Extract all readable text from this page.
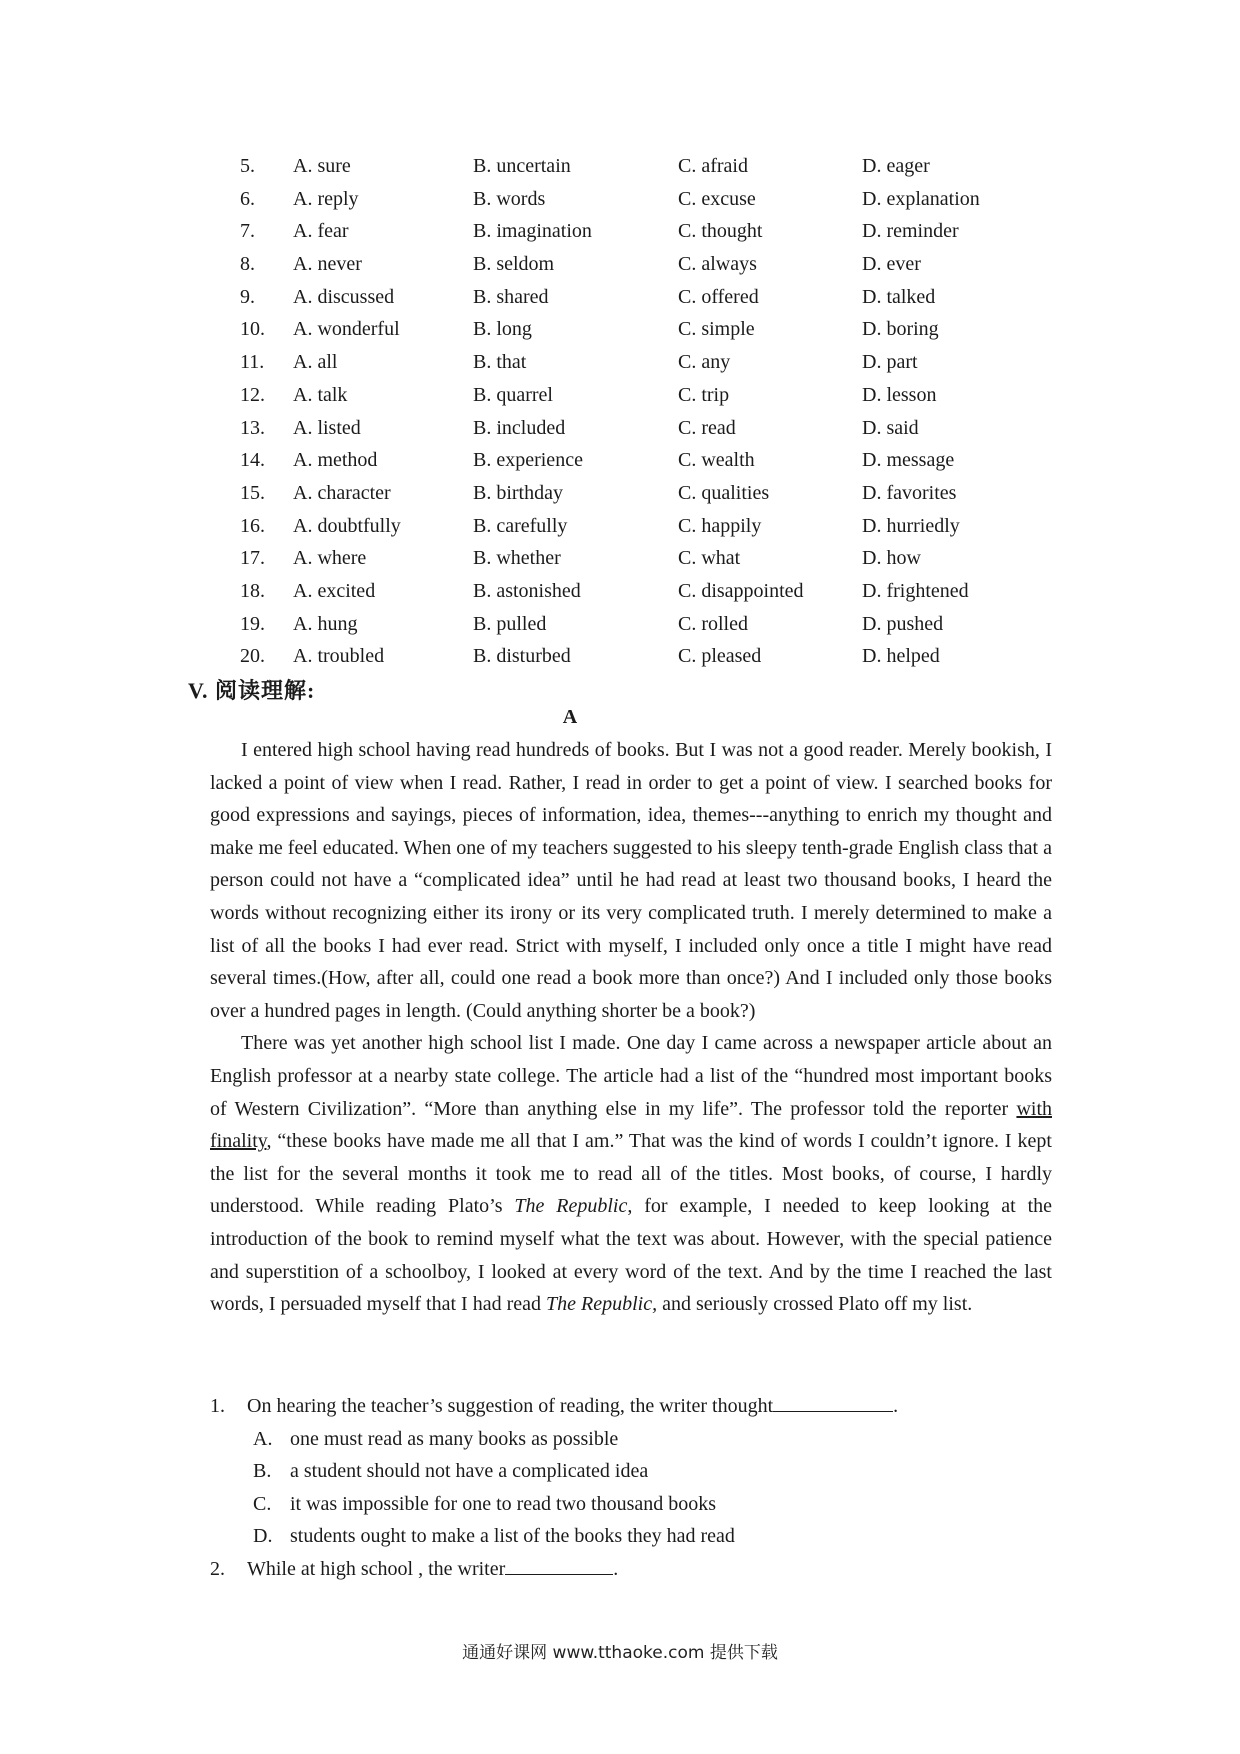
5. A. sure	B. uncertain	C. afraid	D. eager
6. A. reply	B. words	C. excuse	D. explanation
7. A. fear	B. imagination	C. thought	D. reminder
8. A. never	B. seldom	C. always	D. ever
9. A. discussed	B. shared	C. offered	D. talked
10. A. wonderful	B. long	C. simple	D. boring
11. A. all	B. that	C. any	D. part
12. A. talk	B. quarrel	C. trip	D. lesson
13. A. listed	B. included	C. read	D. said
14. A. method	B. experience	C. wealth	D. message
15. A. character	B. birthday	C. qualities	D. favorites
16. A. doubtfully	B. carefully	C. happily	D. hurriedly
17. A. where	B. whether	C. what	D. how
18. A. excited	B. astonished	C. disappointed	D. frightened
19. A. hung	B. pulled	C. rolled	D. pushed
20. A. troubled	B. disturbed	C. pleased	D. helped
V. 阅读理解:
A

I entered high school having read hundreds of books. But I was not a good reader. Merely bookish, I lacked a point of view when I read. Rather, I read in order to get a point of view. I searched books for good expressions and sayings, pieces of information, idea, themes---anything to enrich my thought and make me feel educated. When one of my teachers suggested to his sleepy tenth-grade English class that a person could not have a “complicated idea” until he had read at least two thousand books, I heard the words without recognizing either its irony or its very complicated truth. I merely determined to make a list of all the books I had ever read. Strict with myself, I included only once a title I might have read several times.(How, after all, could one read a book more than once?) And I included only those books over a hundred pages in length. (Could anything shorter be a book?)

There was yet another high school list I made. One day I came across a newspaper article about an English professor at a nearby state college. The article had a list of the “hundred most important books of Western Civilization”. “More than anything else in my life”. The professor told the reporter with finality, “these books have made me all that I am.” That was the kind of words I couldn’t ignore. I kept the list for the several months it took me to read all of the titles. Most books, of course, I hardly understood. While reading Plato’s The Republic, for example, I needed to keep looking at the introduction of the book to remind myself what the text was about. However, with the special patience and superstition of a schoolboy, I looked at every word of the text. And by the time I reached the last words, I persuaded myself that I had read The Republic, and seriously crossed Plato off my list.

1. On hearing the teacher’s suggestion of reading, the writer thought	.
A. one must read as many books as possible
B. a student should not have a complicated idea
C. it was impossible for one to read two thousand books
D. students ought to make a list of the books they had read
2. While at high school , the writer	.
通通好课网 www.tthaoke.com 提供下载
